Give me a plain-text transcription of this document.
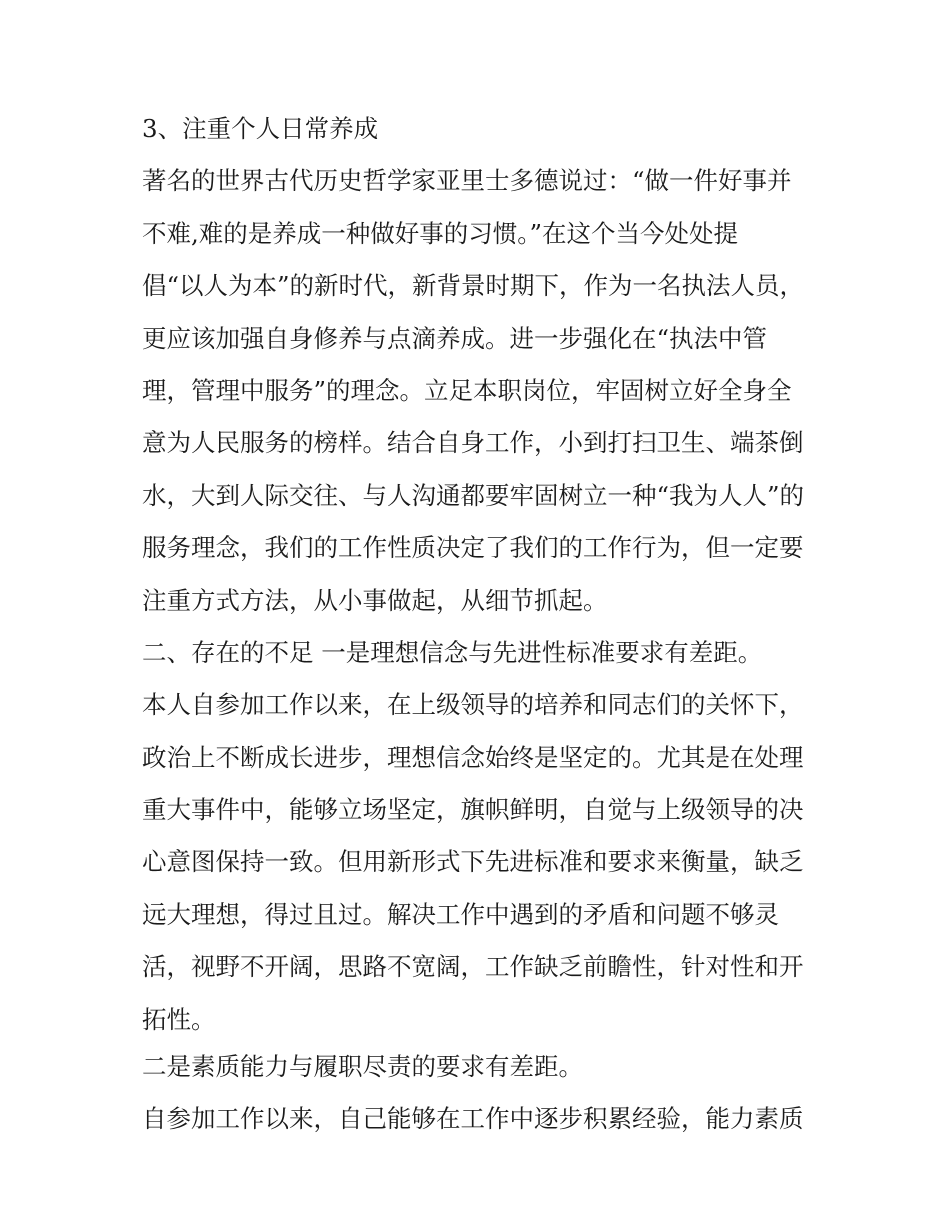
3、注重个人日常养成
著名的世界古代历史哲学家亚里士多德说过：“做一件好事并
不难,难的是养成一种做好事的习惯。”在这个当今处处提
倡“以人为本”的新时代，新背景时期下，作为一名执法人员，
更应该加强自身修养与点滴养成。进一步强化在“执法中管
理，管理中服务”的理念。立足本职岗位，牢固树立好全身全
意为人民服务的榜样。结合自身工作，小到打扫卫生、端茶倒
水，大到人际交往、与人沟通都要牢固树立一种“我为人人”的
服务理念，我们的工作性质决定了我们的工作行为，但一定要
注重方式方法，从小事做起，从细节抓起。
二、存在的不足 一是理想信念与先进性标准要求有差距。
本人自参加工作以来，在上级领导的培养和同志们的关怀下，
政治上不断成长进步，理想信念始终是坚定的。尤其是在处理
重大事件中，能够立场坚定，旗帜鲜明，自觉与上级领导的决
心意图保持一致。但用新形式下先进标准和要求来衡量，缺乏
远大理想，得过且过。解决工作中遇到的矛盾和问题不够灵
活，视野不开阔，思路不宽阔，工作缺乏前瞻性，针对性和开
拓性。
二是素质能力与履职尽责的要求有差距。
自参加工作以来，自己能够在工作中逐步积累经验，能力素质
